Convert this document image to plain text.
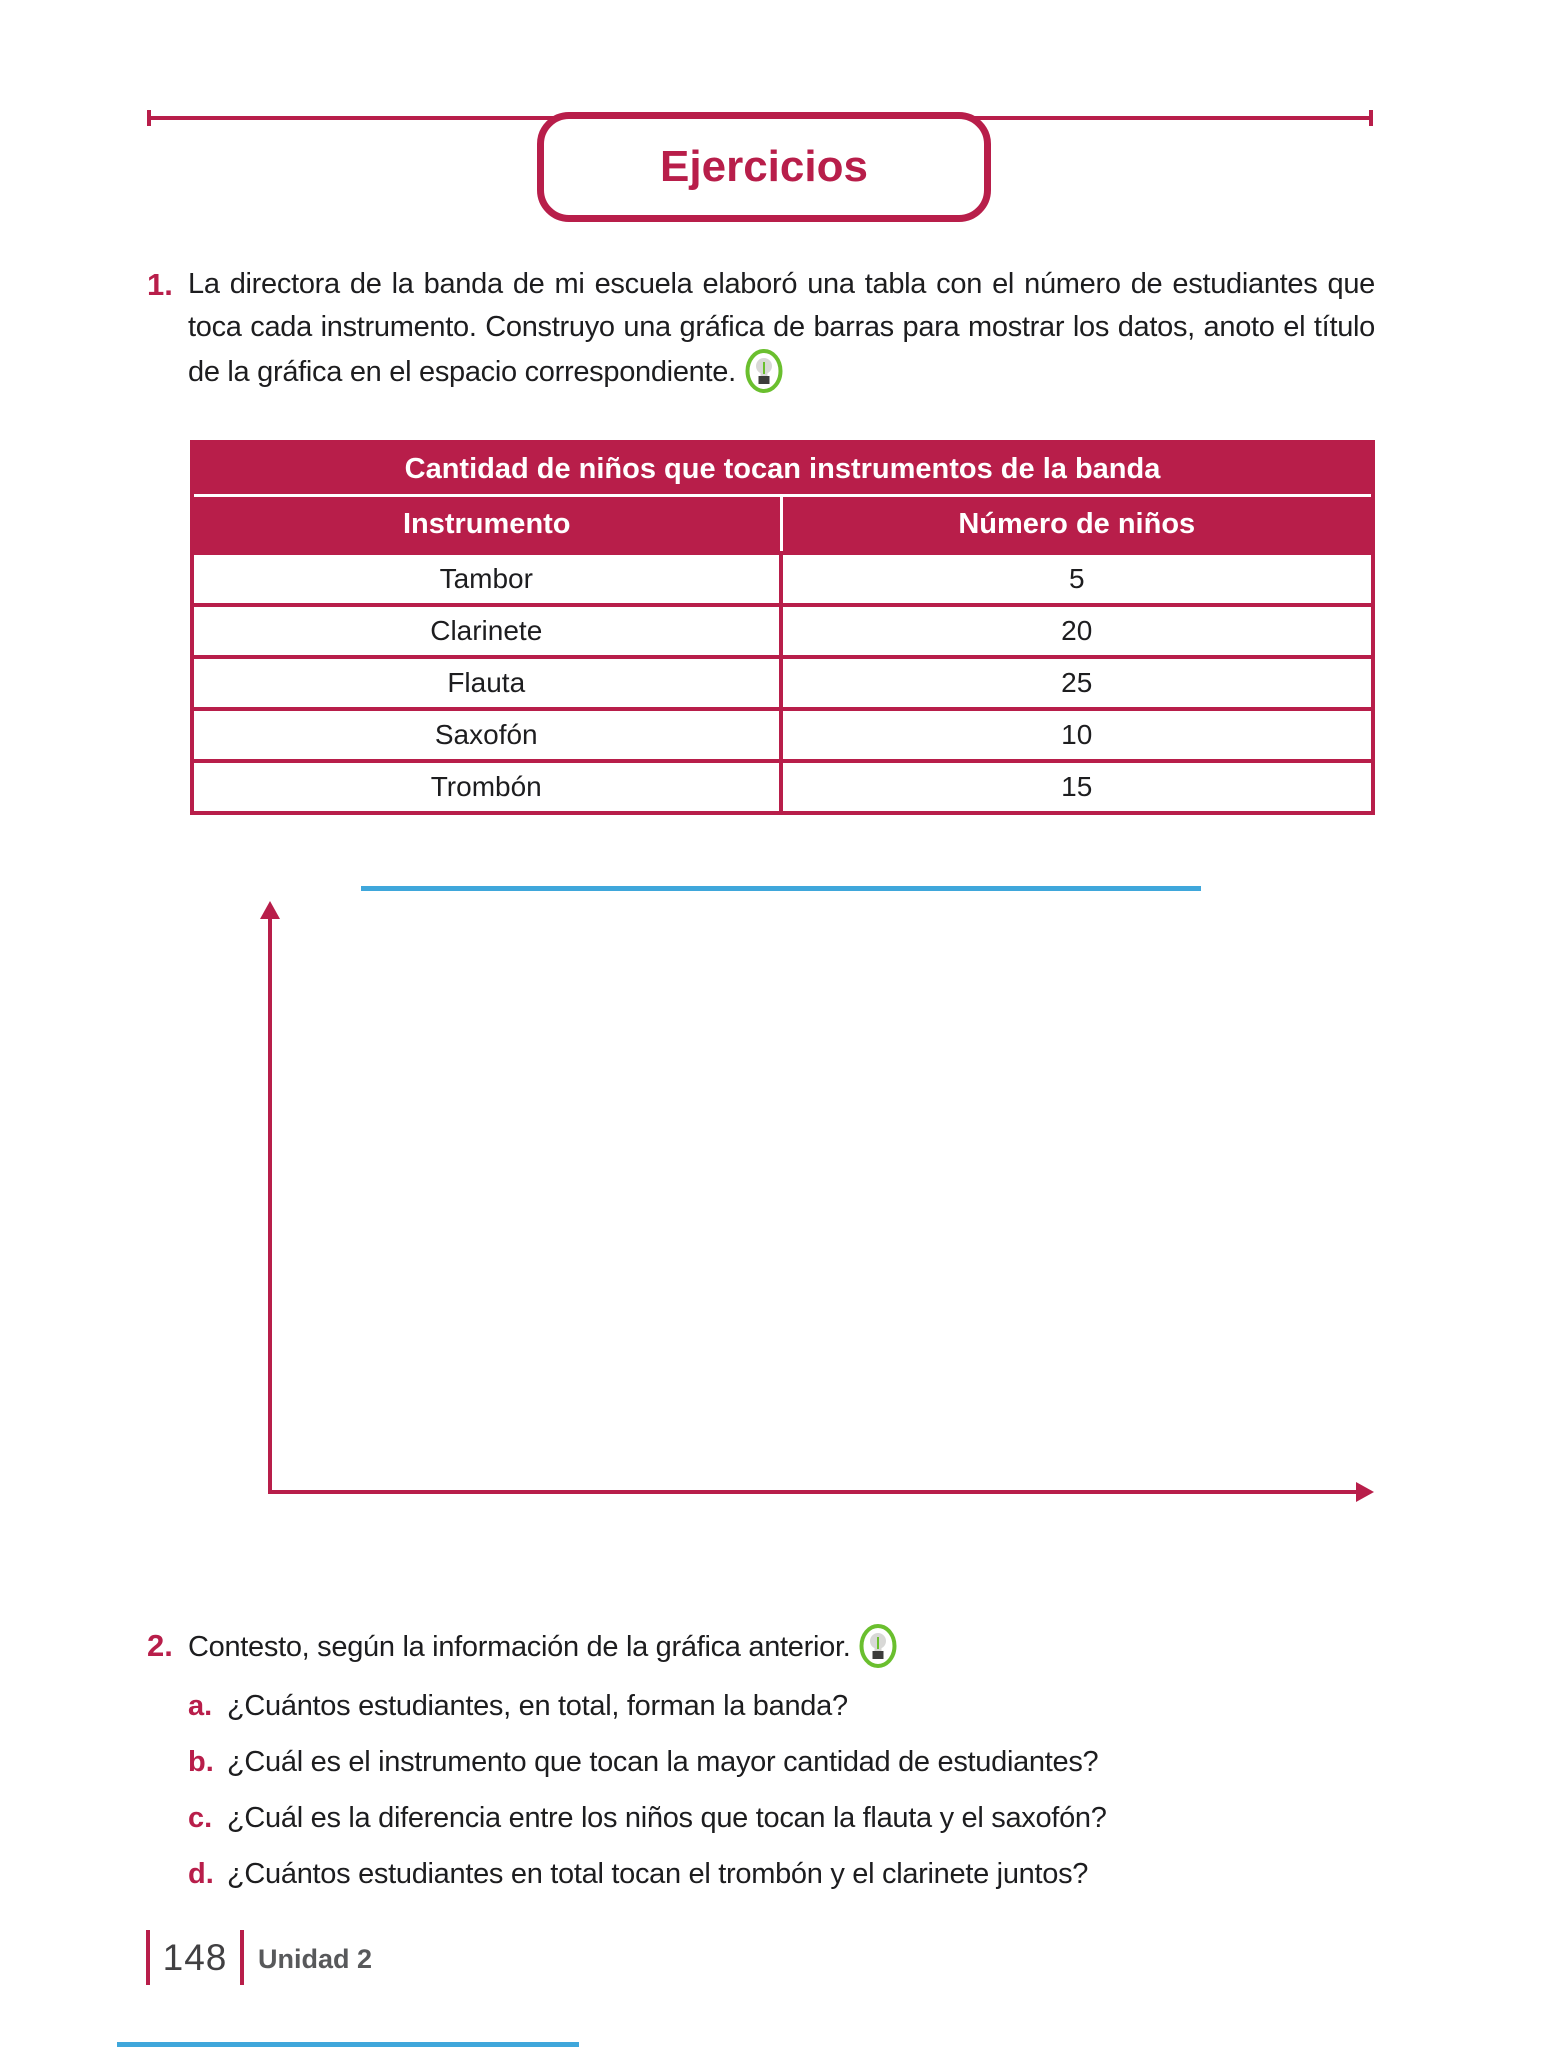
Ejercicios
1. La directora de la banda de mi escuela elaboró una tabla con el número de estudiantes que toca cada instrumento. Construyo una gráfica de barras para mostrar los datos, anoto el título de la gráfica en el espacio correspondiente.
Cantidad de niños que tocan instrumentos de la banda
Instrumento	Número de niños
Tambor	5
Clarinete	20
Flauta	25
Saxofón	10
Trombón	15
2. Contesto, según la información de la gráfica anterior.
a. ¿Cuántos estudiantes, en total, forman la banda?
b. ¿Cuál es el instrumento que tocan la mayor cantidad de estudiantes?
c. ¿Cuál es la diferencia entre los niños que tocan la flauta y el saxofón?
d. ¿Cuántos estudiantes en total tocan el trombón y el clarinete juntos?
148 Unidad 2
